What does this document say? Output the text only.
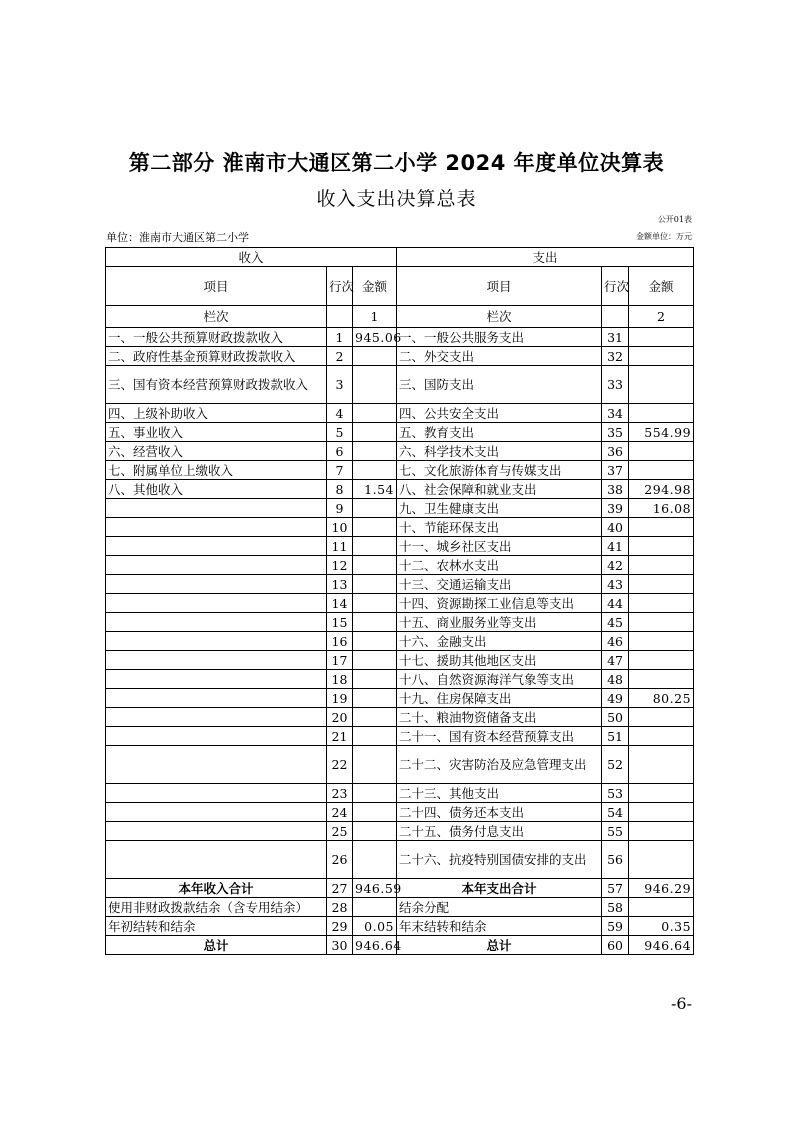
第二部分 淮南市大通区第二小学 2024 年度单位决算表
收入支出决算总表
公开01表
单位：淮南市大通区第二小学	金额单位：万元
收入			支出		
项目	行次	金额	项目	行次	金额
栏次		1	栏次		2
一、一般公共预算财政拨款收入	1	945.06	一、一般公共服务支出	31	
二、政府性基金预算财政拨款收入	2		二、外交支出	32	
三、国有资本经营预算财政拨款收入	3		三、国防支出	33	
四、上级补助收入	4		四、公共安全支出	34	
五、事业收入	5		五、教育支出	35	554.99
六、经营收入	6		六、科学技术支出	36	
七、附属单位上缴收入	7		七、文化旅游体育与传媒支出	37	
八、其他收入	8	1.54	八、社会保障和就业支出	38	294.98
	9		九、卫生健康支出	39	16.08
	10		十、节能环保支出	40	
	11		十一、城乡社区支出	41	
	12		十二、农林水支出	42	
	13		十三、交通运输支出	43	
	14		十四、资源勘探工业信息等支出	44	
	15		十五、商业服务业等支出	45	
	16		十六、金融支出	46	
	17		十七、援助其他地区支出	47	
	18		十八、自然资源海洋气象等支出	48	
	19		十九、住房保障支出	49	80.25
	20		二十、粮油物资储备支出	50	
	21		二十一、国有资本经营预算支出	51	
	22		二十二、灾害防治及应急管理支出	52	
	23		二十三、其他支出	53	
	24		二十四、债务还本支出	54	
	25		二十五、债务付息支出	55	
	26		二十六、抗疫特别国债安排的支出	56	
本年收入合计	27	946.59	本年支出合计	57	946.29
使用非财政拨款结余（含专用结余）	28		结余分配	58	
年初结转和结余	29	0.05	年末结转和结余	59	0.35
总计	30	946.64	总计	60	946.64
-6-
